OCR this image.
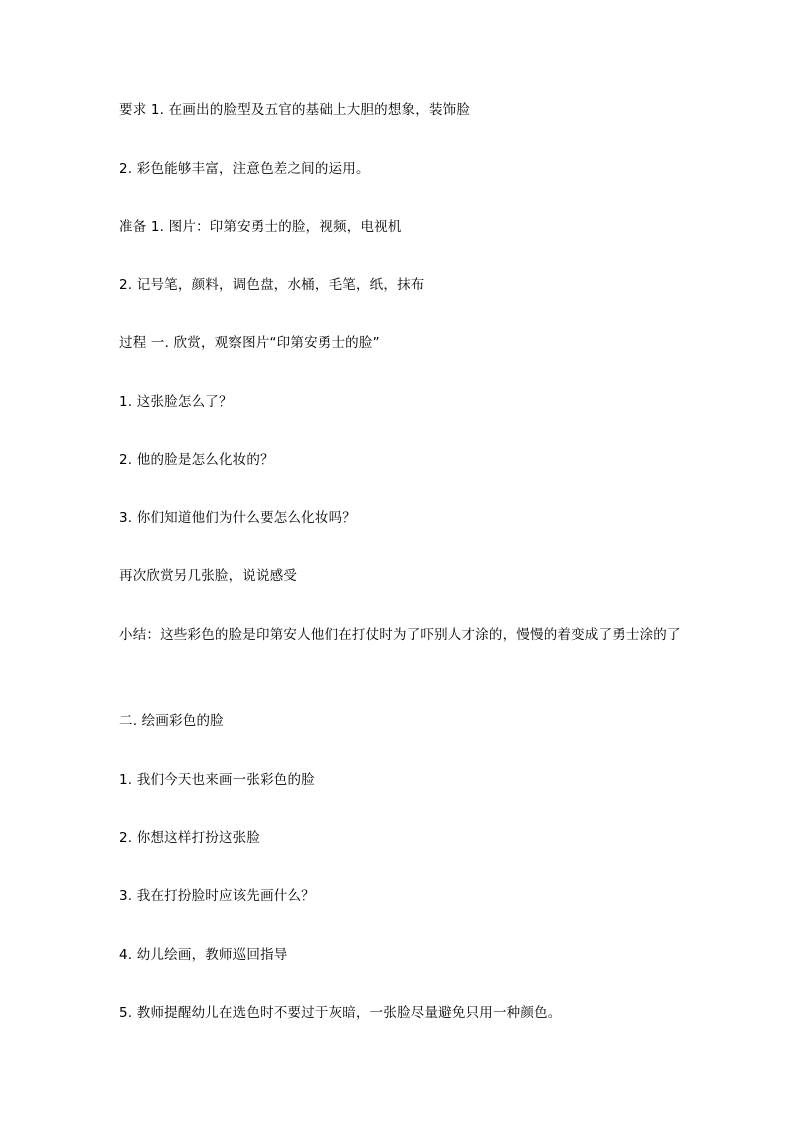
要求 1. 在画出的脸型及五官的基础上大胆的想象，装饰脸
2. 彩色能够丰富，注意色差之间的运用。
准备 1. 图片：印第安勇士的脸，视频，电视机
2. 记号笔，颜料，调色盘，水桶，毛笔，纸，抹布
过程 一. 欣赏，观察图片“印第安勇士的脸”
1. 这张脸怎么了？
2. 他的脸是怎么化妆的？
3. 你们知道他们为什么要怎么化妆吗？
再次欣赏另几张脸，说说感受
小结：这些彩色的脸是印第安人他们在打仗时为了吓别人才涂的，慢慢的着变成了勇士涂的了
二. 绘画彩色的脸
1. 我们今天也来画一张彩色的脸
2. 你想这样打扮这张脸
3. 我在打扮脸时应该先画什么？
4. 幼儿绘画，教师巡回指导
5. 教师提醒幼儿在选色时不要过于灰暗，一张脸尽量避免只用一种颜色。
